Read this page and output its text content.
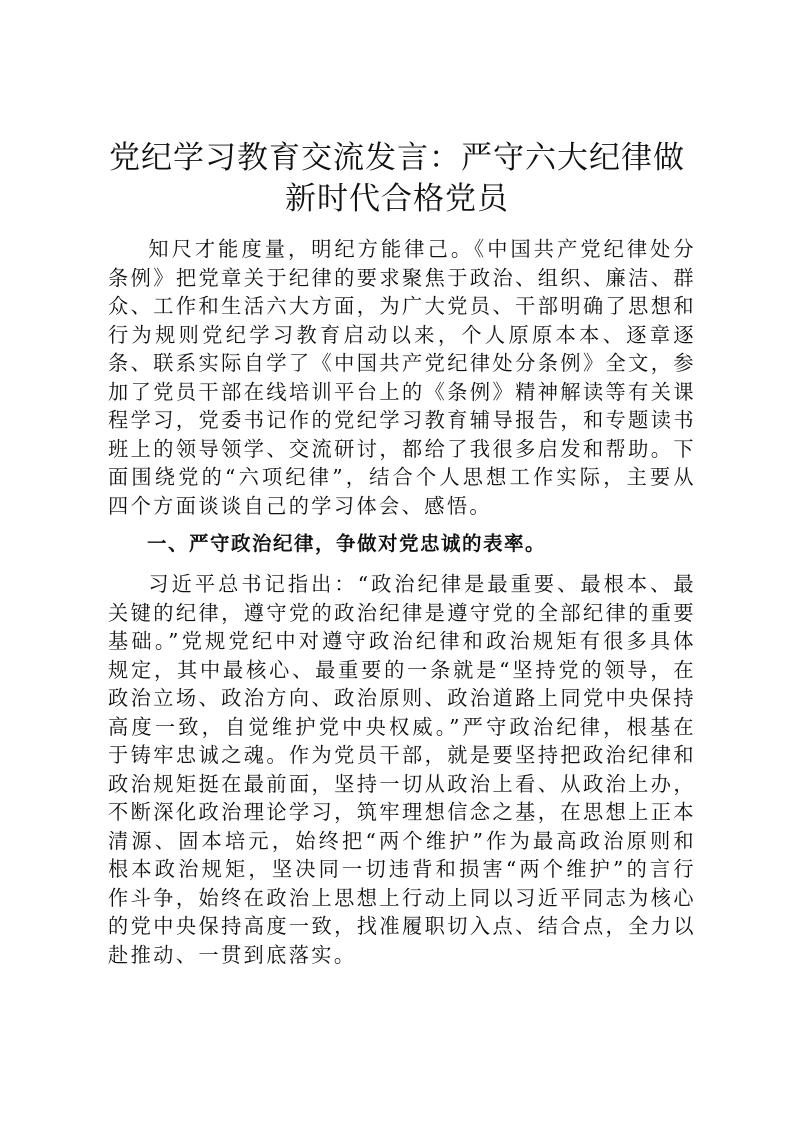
党纪学习教育交流发言：严守六大纪律做新时代合格党员

知尺才能度量，明纪方能律己。《中国共产党纪律处分条例》把党章关于纪律的要求聚焦于政治、组织、廉洁、群众、工作和生活六大方面，为广大党员、干部明确了思想和行为规则党纪学习教育启动以来，个人原原本本、逐章逐条、联系实际自学了《中国共产党纪律处分条例》全文，参加了党员干部在线培训平台上的《条例》精神解读等有关课程学习，党委书记作的党纪学习教育辅导报告，和专题读书班上的领导领学、交流研讨，都给了我很多启发和帮助。下面围绕党的“六项纪律”，结合个人思想工作实际，主要从四个方面谈谈自己的学习体会、感悟。

一、严守政治纪律，争做对党忠诚的表率。

习近平总书记指出：“政治纪律是最重要、最根本、最关键的纪律，遵守党的政治纪律是遵守党的全部纪律的重要基础。”党规党纪中对遵守政治纪律和政治规矩有很多具体规定，其中最核心、最重要的一条就是“坚持党的领导，在政治立场、政治方向、政治原则、政治道路上同党中央保持高度一致，自觉维护党中央权威。”严守政治纪律，根基在于铸牢忠诚之魂。作为党员干部，就是要坚持把政治纪律和政治规矩挺在最前面，坚持一切从政治上看、从政治上办，不断深化政治理论学习，筑牢理想信念之基，在思想上正本清源、固本培元，始终把“两个维护”作为最高政治原则和根本政治规矩，坚决同一切违背和损害“两个维护”的言行作斗争，始终在政治上思想上行动上同以习近平同志为核心的党中央保持高度一致，找准履职切入点、结合点，全力以赴推动、一贯到底落实。
